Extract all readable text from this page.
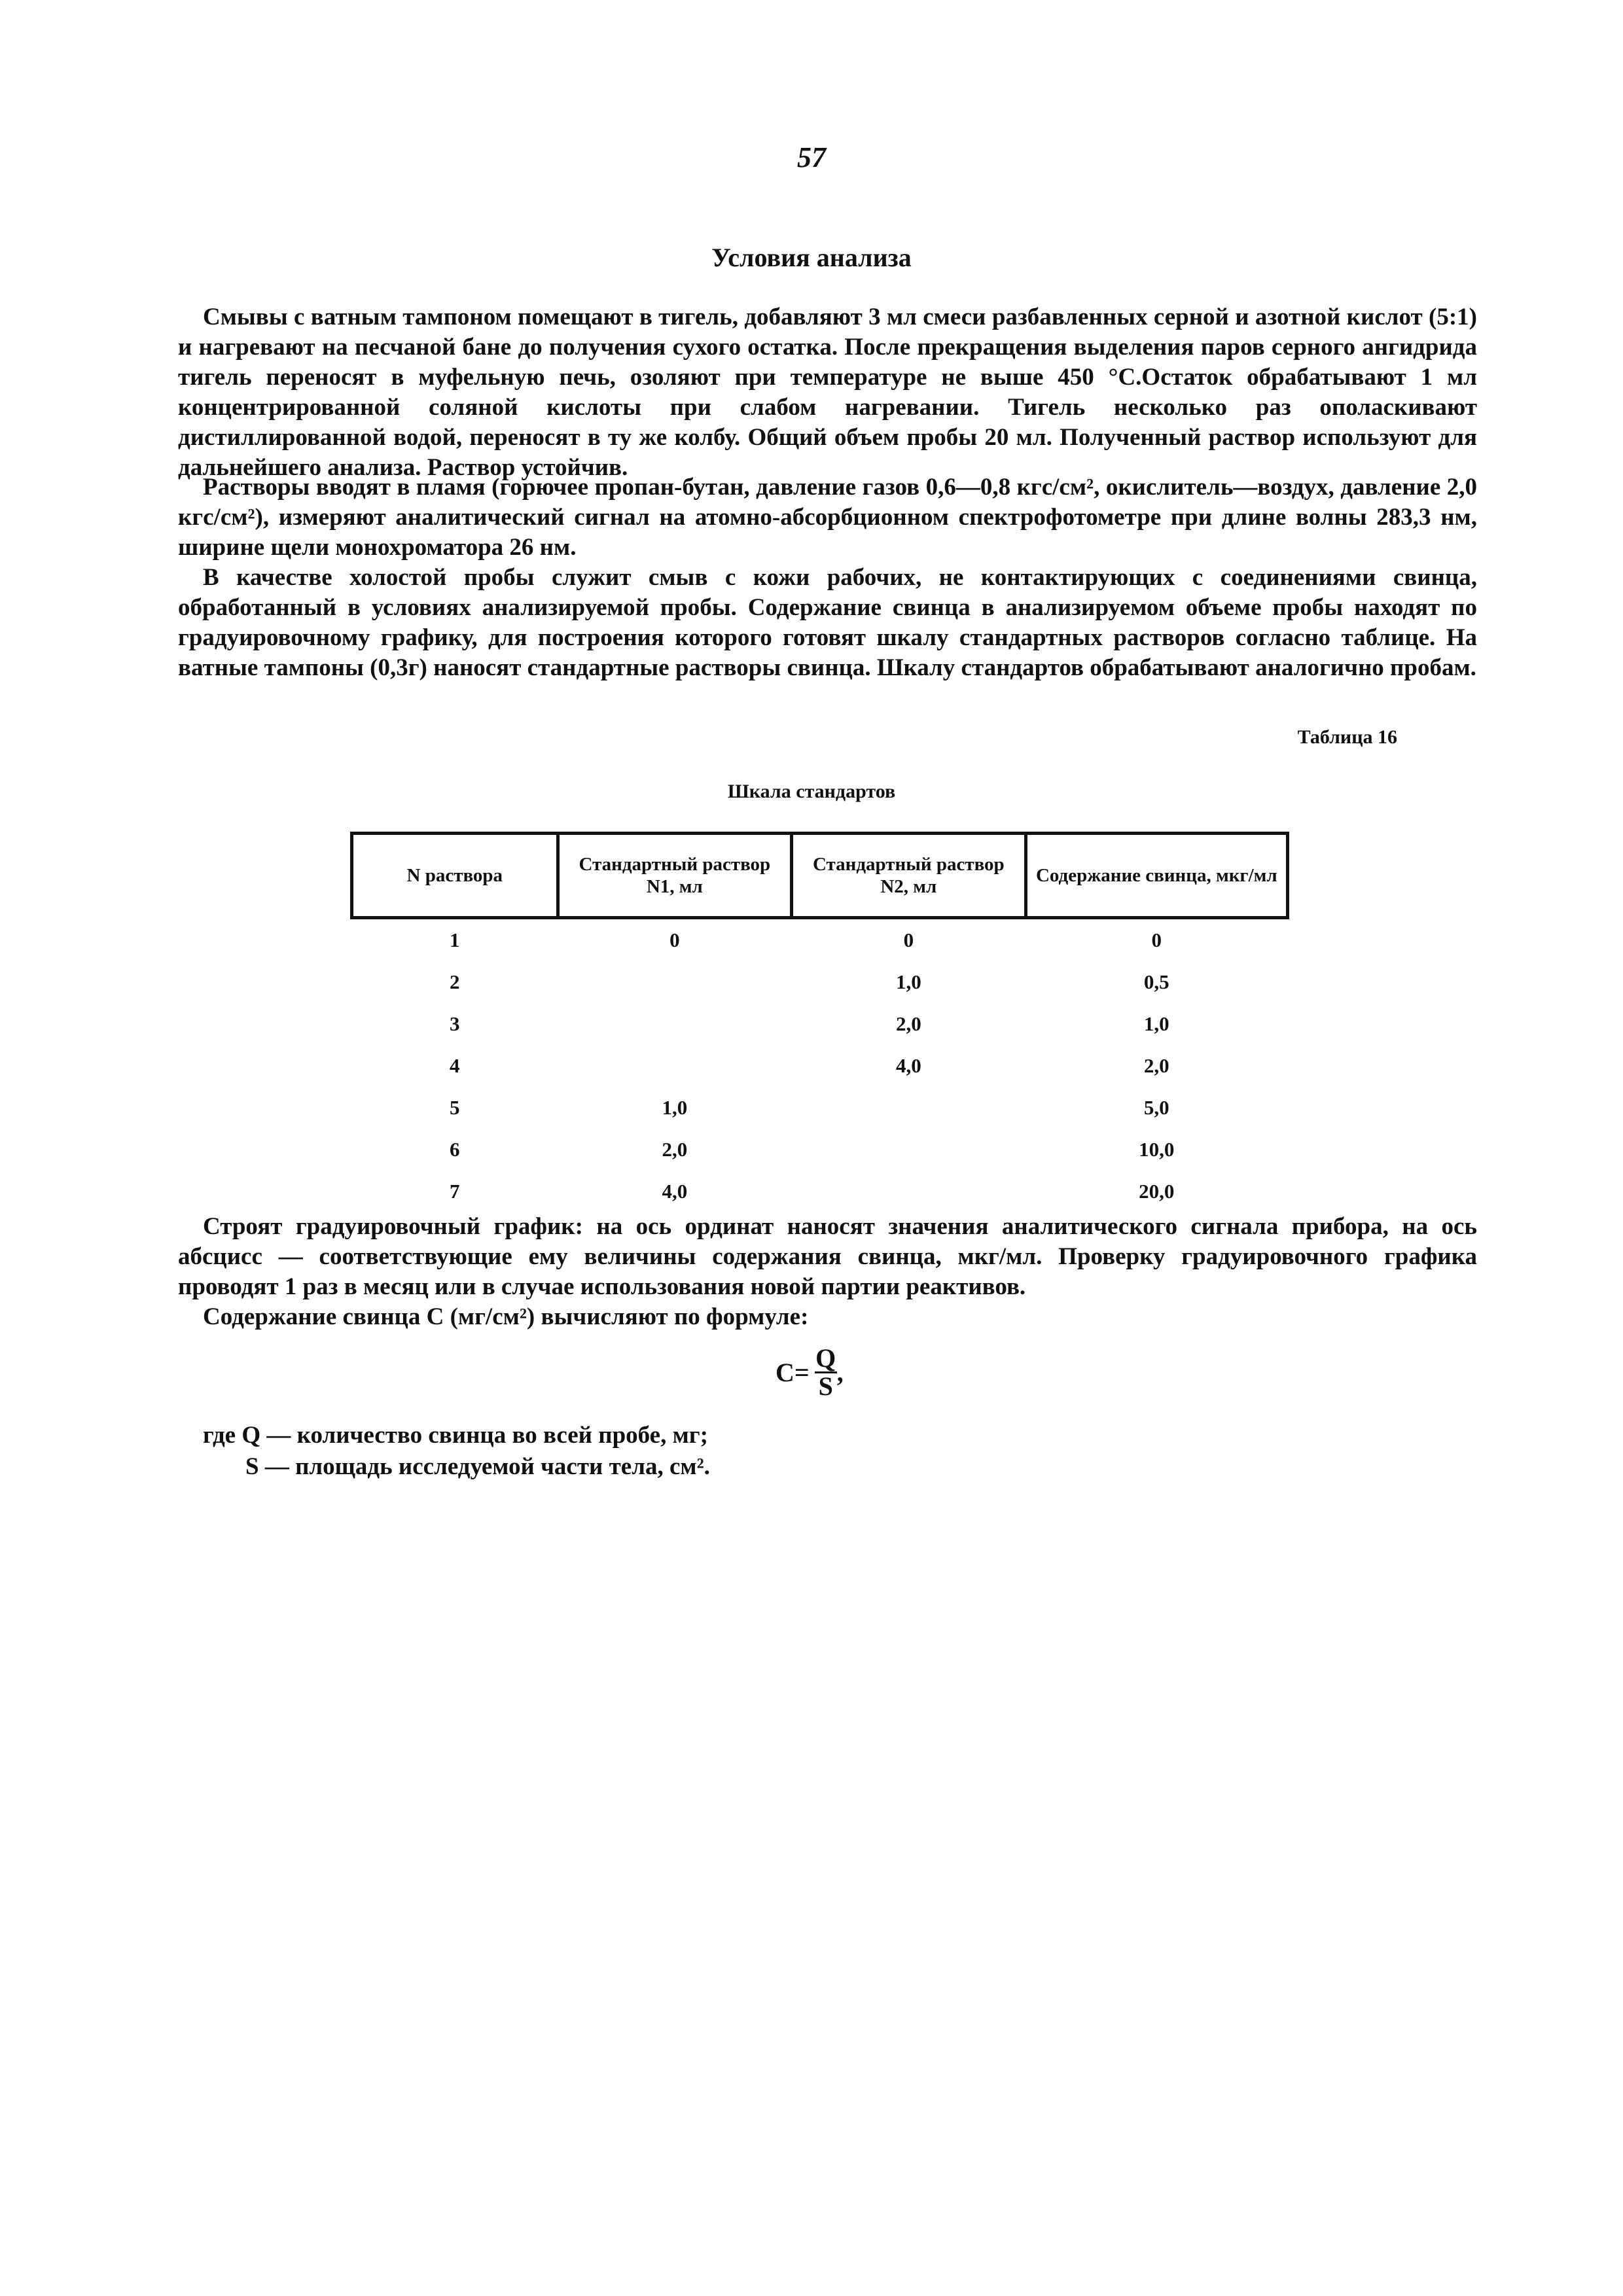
57
Условия анализа

Смывы с ватным тампоном помещают в тигель, добавляют 3 мл смеси разбавленных серной и азотной кислот (5:1) и нагревают на песчаной бане до получения сухого остатка. После прекращения выделения паров серного ангидрида тигель переносят в муфельную печь, озоляют при температуре не выше 450 °С.Остаток обрабатывают 1 мл концентрированной соляной кислоты при слабом нагревании. Тигель несколько раз ополаскивают дистиллированной водой, переносят в ту же колбу. Общий объем пробы 20 мл. Полученный раствор используют для дальнейшего анализа. Раствор устойчив.

Растворы вводят в пламя (горючее пропан-бутан, давление газов 0,6—0,8 кгс/см², окислитель—воздух, давление 2,0 кгс/см²), измеряют аналитический сигнал на атомно-абсорбционном спектрофотометре при длине волны 283,3 нм, ширине щели монохроматора 26 нм.

В качестве холостой пробы служит смыв с кожи рабочих, не контактирующих с соединениями свинца, обработанный в условиях анализируемой пробы. Содержание свинца в анализируемом объеме пробы находят по градуировочному графику, для построения которого готовят шкалу стандартных растворов согласно таблице. На ватные тампоны (0,3г) наносят стандартные растворы свинца. Шкалу стандартов обрабатывают аналогично пробам.

Таблица 16
Шкала стандартов
N раствора	Стандартный раствор N1, мл	Стандартный раствор N2, мл	Содержание свинца, мкг/мл
1	0	0	0
2		1,0	0,5
3		2,0	1,0
4		4,0	2,0
5	1,0		5,0
6	2,0		10,0
7	4,0		20,0

Строят градуировочный график: на ось ординат наносят значения аналитического сигнала прибора, на ось абсцисс — соответствующие ему величины содержания свинца, мкг/мл. Проверку градуировочного графика проводят 1 раз в месяц или в случае использования новой партии реактивов.

Содержание свинца С (мг/см²) вычисляют по формуле:

$C = \frac{Q}{S}$ ,
где Q — количество свинца во всей пробе, мг;
S — площадь исследуемой части тела, см².
